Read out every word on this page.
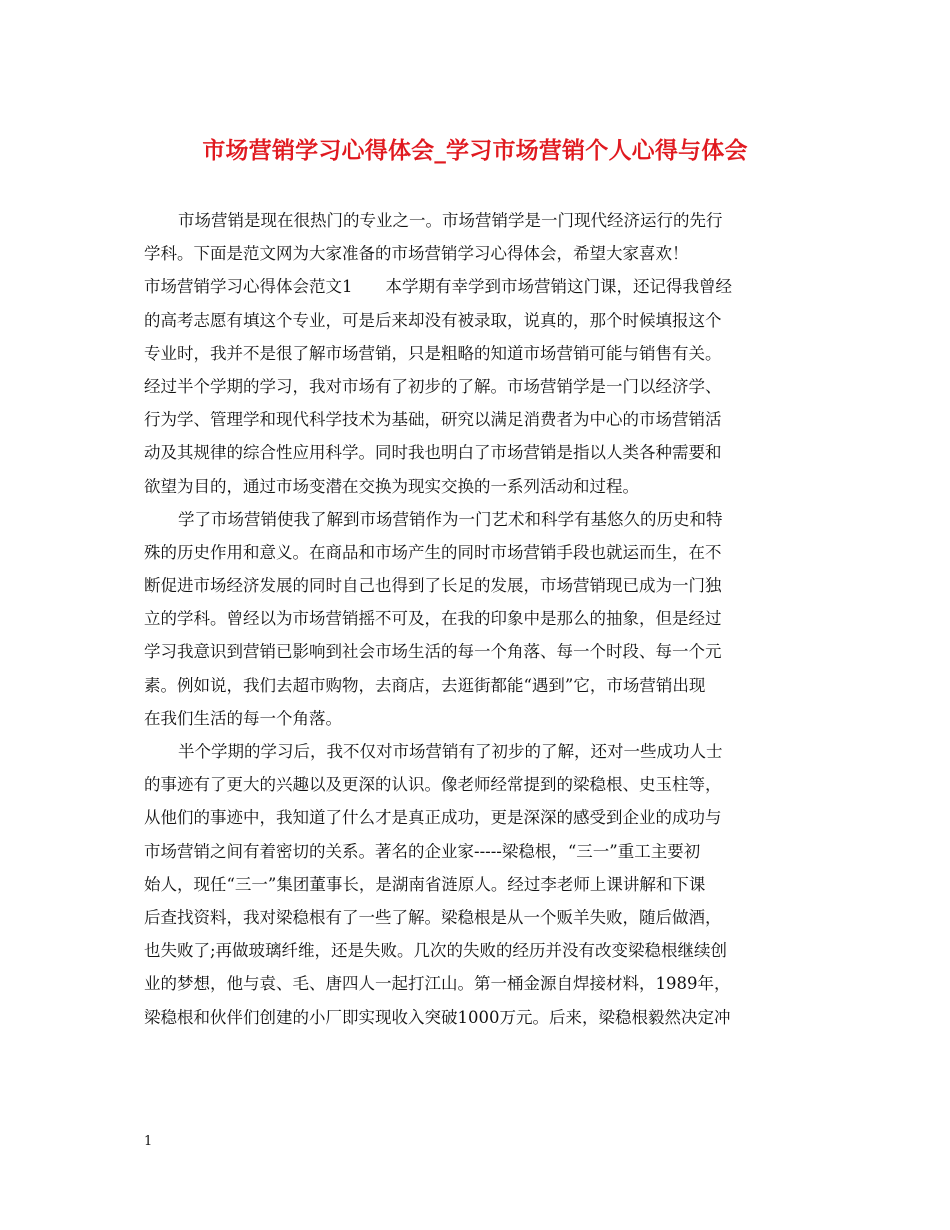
市场营销学习心得体会_学习市场营销个人心得与体会
市场营销是现在很热门的专业之一。市场营销学是一门现代经济运行的先行
学科。下面是范文网为大家准备的市场营销学习心得体会，希望大家喜欢！
市场营销学习心得体会范文1　　本学期有幸学到市场营销这门课，还记得我曾经
的高考志愿有填这个专业，可是后来却没有被录取，说真的，那个时候填报这个
专业时，我并不是很了解市场营销，只是粗略的知道市场营销可能与销售有关。
经过半个学期的学习，我对市场有了初步的了解。市场营销学是一门以经济学、
行为学、管理学和现代科学技术为基础，研究以满足消费者为中心的市场营销活
动及其规律的综合性应用科学。同时我也明白了市场营销是指以人类各种需要和
欲望为目的，通过市场变潜在交换为现实交换的一系列活动和过程。
学了市场营销使我了解到市场营销作为一门艺术和科学有基悠久的历史和特
殊的历史作用和意义。在商品和市场产生的同时市场营销手段也就运而生，在不
断促进市场经济发展的同时自己也得到了长足的发展，市场营销现已成为一门独
立的学科。曾经以为市场营销摇不可及，在我的印象中是那么的抽象，但是经过
学习我意识到营销已影响到社会市场生活的每一个角落、每一个时段、每一个元
素。例如说，我们去超市购物，去商店，去逛街都能“遇到”它，市场营销出现
在我们生活的每一个角落。
半个学期的学习后，我不仅对市场营销有了初步的了解，还对一些成功人士
的事迹有了更大的兴趣以及更深的认识。像老师经常提到的梁稳根、史玉柱等，
从他们的事迹中，我知道了什么才是真正成功，更是深深的感受到企业的成功与
市场营销之间有着密切的关系。著名的企业家-----梁稳根，“三一”重工主要初
始人，现任“三一”集团董事长，是湖南省涟原人。经过李老师上课讲解和下课
后查找资料，我对梁稳根有了一些了解。梁稳根是从一个贩羊失败，随后做酒，
也失败了;再做玻璃纤维，还是失败。几次的失败的经历并没有改变梁稳根继续创
业的梦想，他与袁、毛、唐四人一起打江山。第一桶金源自焊接材料，1989年，
梁稳根和伙伴们创建的小厂即实现收入突破1000万元。后来，梁稳根毅然决定冲
1
